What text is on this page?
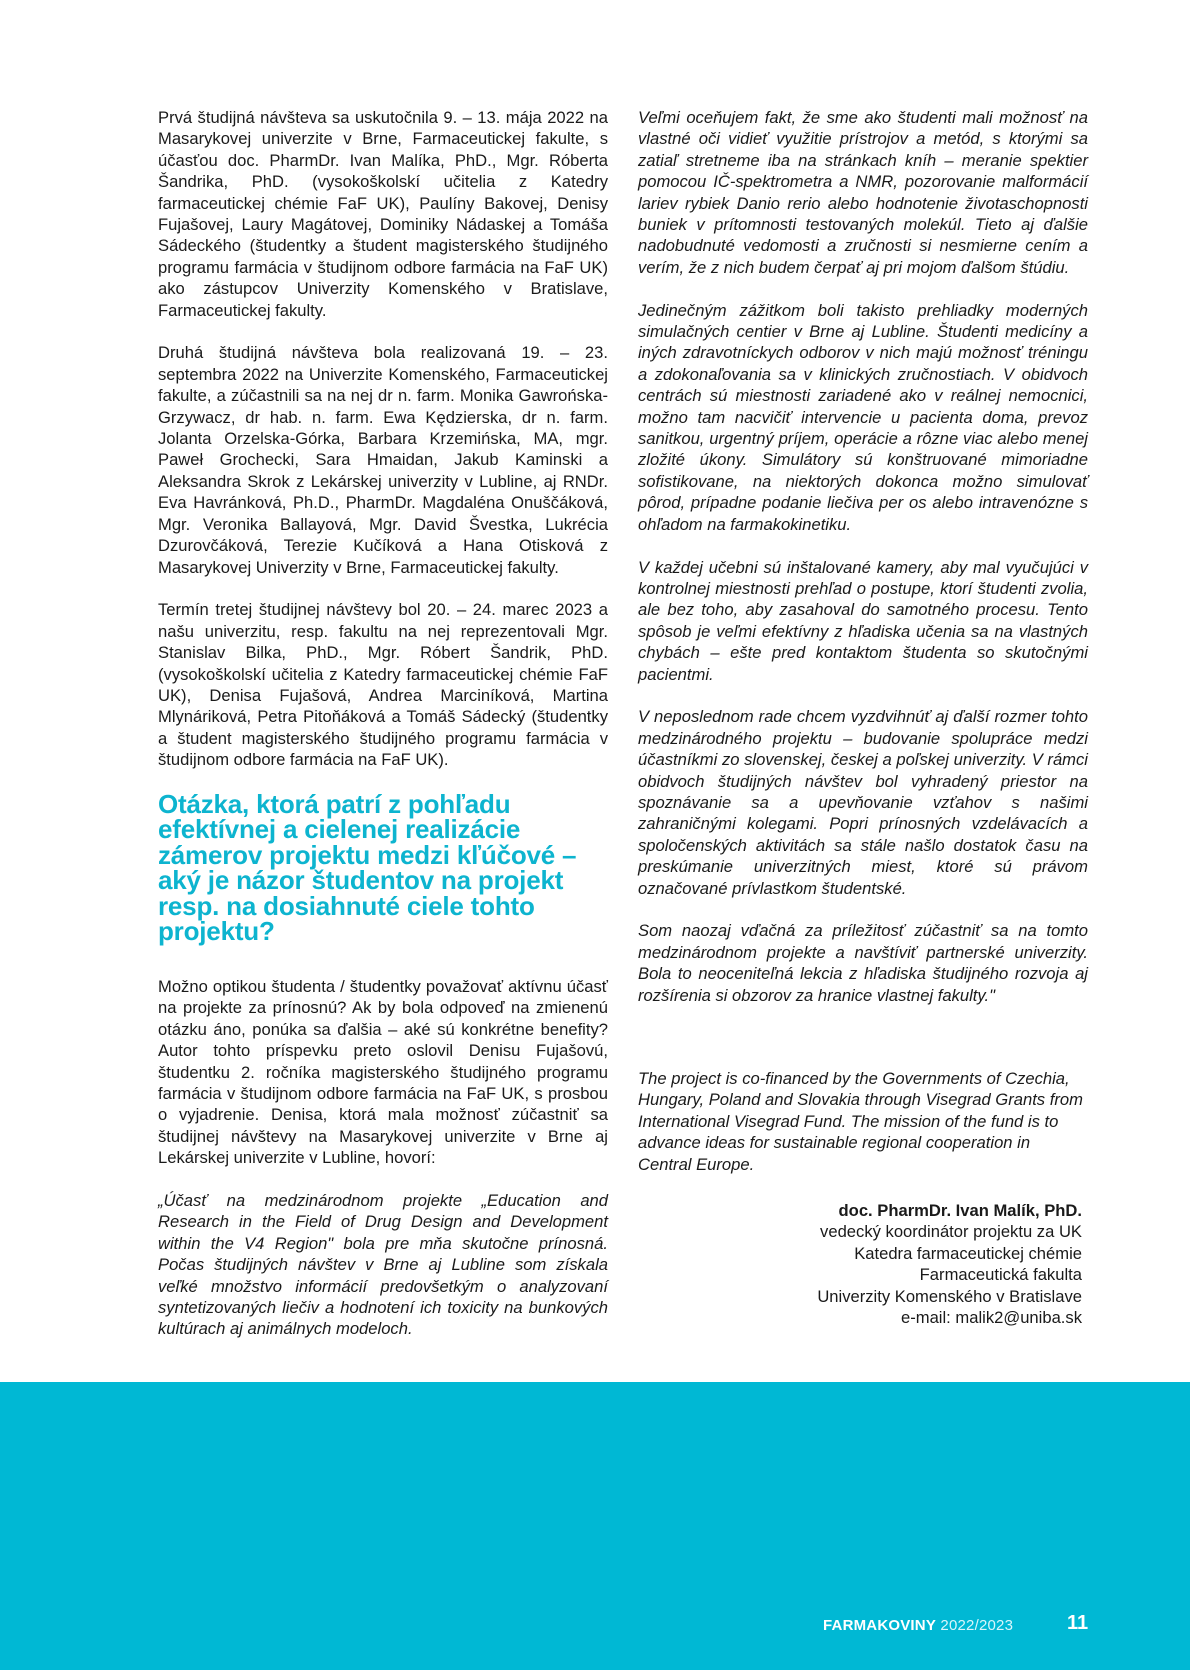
Prvá študijná návšteva sa uskutočnila 9. – 13. mája 2022 na Masarykovej univerzite v Brne, Farmaceutickej fakulte, s účasťou doc. PharmDr. Ivan Malíka, PhD., Mgr. Róberta Šandrika, PhD. (vysokoškolskí učitelia z Katedry farmaceutickej chémie FaF UK), Paulíny Bakovej, Denisy Fujašovej, Laury Magátovej, Dominiky Nádaskej a Tomáša Sádeckého (študentky a študent magisterského študijného programu farmácia v študijnom odbore farmácia na FaF UK) ako zástupcov Univerzity Komenského v Bratislave, Farmaceutickej fakulty.

Druhá študijná návšteva bola realizovaná 19. – 23. septembra 2022 na Univerzite Komenského, Farmaceutickej fakulte, a zúčastnili sa na nej dr n. farm. Monika Gawrońska-Grzywacz, dr hab. n. farm. Ewa Kędzierska, dr n. farm. Jolanta Orzelska-Górka, Barbara Krzemińska, MA, mgr. Paweł Grochecki, Sara Hmaidan, Jakub Kaminski a Aleksandra Skrok z Lekárskej univerzity v Lubline, aj RNDr. Eva Havránková, Ph.D., PharmDr. Magdaléna Onuščáková, Mgr. Veronika Ballayová, Mgr. David Švestka, Lukrécia Dzurovčáková, Terezie Kučíková a Hana Otisková z Masarykovej Univerzity v Brne, Farmaceutickej fakulty.

Termín tretej študijnej návštevy bol 20. – 24. marec 2023 a našu univerzitu, resp. fakultu na nej reprezentovali Mgr. Stanislav Bilka, PhD., Mgr. Róbert Šandrik, PhD. (vysokoškolskí učitelia z Katedry farmaceutickej chémie FaF UK), Denisa Fujašová, Andrea Marciníková, Martina Mlynáriková, Petra Pitoňáková a Tomáš Sádecký (študentky a študent magisterského študijného programu farmácia v študijnom odbore farmácia na FaF UK).

Otázka, ktorá patrí z pohľadu efektívnej a cielenej realizácie zámerov projektu medzi kľúčové – aký je názor študentov na projekt resp. na dosiahnuté ciele tohto projektu?

Možno optikou študenta / študentky považovať aktívnu účasť na projekte za prínosnú? Ak by bola odpoveď na zmienenú otázku áno, ponúka sa ďalšia – aké sú konkrétne benefity? Autor tohto príspevku preto oslovil Denisu Fujašovú, študentku 2. ročníka magisterského študijného programu farmácia v študijnom odbore farmácia na FaF UK, s prosbou o vyjadrenie. Denisa, ktorá mala možnosť zúčastniť sa študijnej návštevy na Masarykovej univerzite v Brne aj Lekárskej univerzite v Lubline, hovorí:

„Účasť na medzinárodnom projekte „Education and Research in the Field of Drug Design and Development within the V4 Region" bola pre mňa skutočne prínosná. Počas študijných návštev v Brne aj Lubline som získala veľké množstvo informácií predovšetkým o analyzovaní syntetizovaných liečiv a hodnotení ich toxicity na bunkových kultúrach aj animálnych modeloch.

Veľmi oceňujem fakt, že sme ako študenti mali možnosť na vlastné oči vidieť využitie prístrojov a metód, s ktorými sa zatiaľ stretneme iba na stránkach kníh – meranie spektier pomocou IČ-spektrometra a NMR, pozorovanie malformácií lariev rybiek Danio rerio alebo hodnotenie životaschopnosti buniek v prítomnosti testovaných molekúl. Tieto aj ďalšie nadobudnuté vedomosti a zručnosti si nesmierne cením a verím, že z nich budem čerpať aj pri mojom ďalšom štúdiu.

Jedinečným zážitkom boli takisto prehliadky moderných simulačných centier v Brne aj Lubline. Študenti medicíny a iných zdravotníckych odborov v nich majú možnosť tréningu a zdokonaľovania sa v klinických zručnostiach. V obidvoch centrách sú miestnosti zariadené ako v reálnej nemocnici, možno tam nacvičiť intervencie u pacienta doma, prevoz sanitkou, urgentný príjem, operácie a rôzne viac alebo menej zložité úkony. Simulátory sú konštruované mimoriadne sofistikovane, na niektorých dokonca možno simulovať pôrod, prípadne podanie liečiva per os alebo intravenózne s ohľadom na farmakokinetiku.

V každej učebni sú inštalované kamery, aby mal vyučujúci v kontrolnej miestnosti prehľad o postupe, ktorí študenti zvolia, ale bez toho, aby zasahoval do samotného procesu. Tento spôsob je veľmi efektívny z hľadiska učenia sa na vlastných chybách – ešte pred kontaktom študenta so skutočnými pacientmi.

V neposlednom rade chcem vyzdvihnúť aj ďalší rozmer tohto medzinárodného projektu – budovanie spolupráce medzi účastníkmi zo slovenskej, českej a poľskej univerzity. V rámci obidvoch študijných návštev bol vyhradený priestor na spoznávanie sa a upevňovanie vzťahov s našimi zahraničnými kolegami. Popri prínosných vzdelávacích a spoločenských aktivitách sa stále našlo dostatok času na preskúmanie univerzitných miest, ktoré sú právom označované prívlastkom študentské.

Som naozaj vďačná za príležitosť zúčastniť sa na tomto medzinárodnom projekte a navštíviť partnerské univerzity. Bola to neoceniteľná lekcia z hľadiska študijného rozvoja aj rozšírenia si obzorov za hranice vlastnej fakulty."

The project is co-financed by the Governments of Czechia, Hungary, Poland and Slovakia through Visegrad Grants from International Visegrad Fund. The mission of the fund is to advance ideas for sustainable regional cooperation in Central Europe.

doc. PharmDr. Ivan Malík, PhD.
vedecký koordinátor projektu za UK
Katedra farmaceutickej chémie
Farmaceutická fakulta
Univerzity Komenského v Bratislave
e-mail: malik2@uniba.sk
FARMAKOVINY 2022/2023	11
